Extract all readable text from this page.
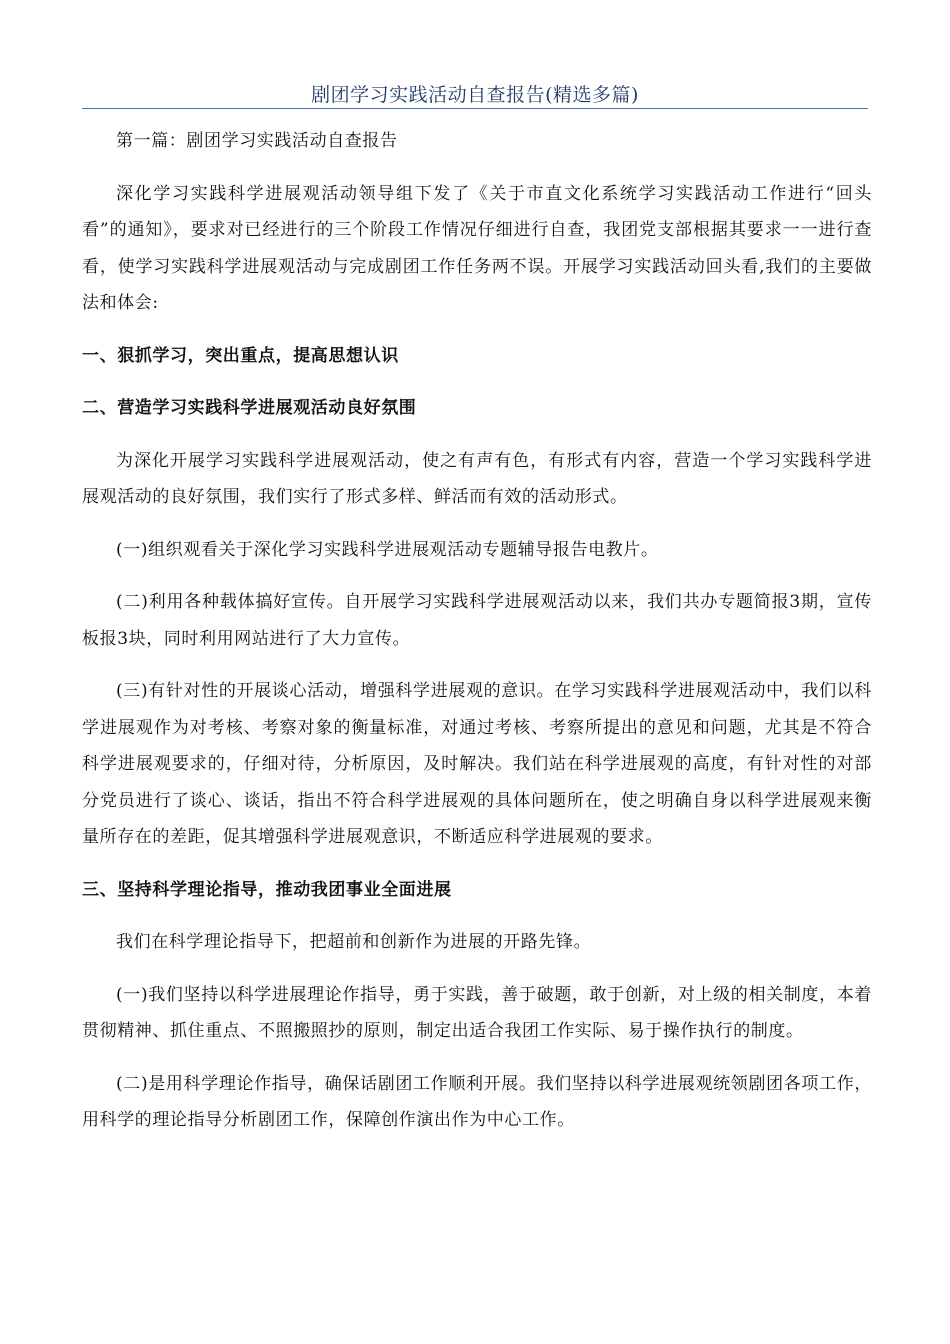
剧团学习实践活动自查报告(精选多篇)

第一篇：剧团学习实践活动自查报告

深化学习实践科学进展观活动领导组下发了《关于市直文化系统学习实践活动工作进行“回头看”的通知》，要求对已经进行的三个阶段工作情况仔细进行自查，我团党支部根据其要求一一进行查看，使学习实践科学进展观活动与完成剧团工作任务两不误。开展学习实践活动回头看,我们的主要做法和体会:

一、狠抓学习，突出重点，提高思想认识

二、营造学习实践科学进展观活动良好氛围

为深化开展学习实践科学进展观活动，使之有声有色，有形式有内容，营造一个学习实践科学进展观活动的良好氛围，我们实行了形式多样、鲜活而有效的活动形式。

(一)组织观看关于深化学习实践科学进展观活动专题辅导报告电教片。

(二)利用各种载体搞好宣传。自开展学习实践科学进展观活动以来，我们共办专题简报3期，宣传板报3块，同时利用网站进行了大力宣传。

(三)有针对性的开展谈心活动，增强科学进展观的意识。在学习实践科学进展观活动中，我们以科学进展观作为对考核、考察对象的衡量标准，对通过考核、考察所提出的意见和问题，尤其是不符合科学进展观要求的，仔细对待，分析原因，及时解决。我们站在科学进展观的高度，有针对性的对部分党员进行了谈心、谈话，指出不符合科学进展观的具体问题所在，使之明确自身以科学进展观来衡量所存在的差距，促其增强科学进展观意识，不断适应科学进展观的要求。

三、坚持科学理论指导，推动我团事业全面进展

我们在科学理论指导下，把超前和创新作为进展的开路先锋。

(一)我们坚持以科学进展理论作指导，勇于实践，善于破题，敢于创新，对上级的相关制度，本着贯彻精神、抓住重点、不照搬照抄的原则，制定出适合我团工作实际、易于操作执行的制度。

(二)是用科学理论作指导，确保话剧团工作顺利开展。我们坚持以科学进展观统领剧团各项工作，用科学的理论指导分析剧团工作，保障创作演出作为中心工作。
